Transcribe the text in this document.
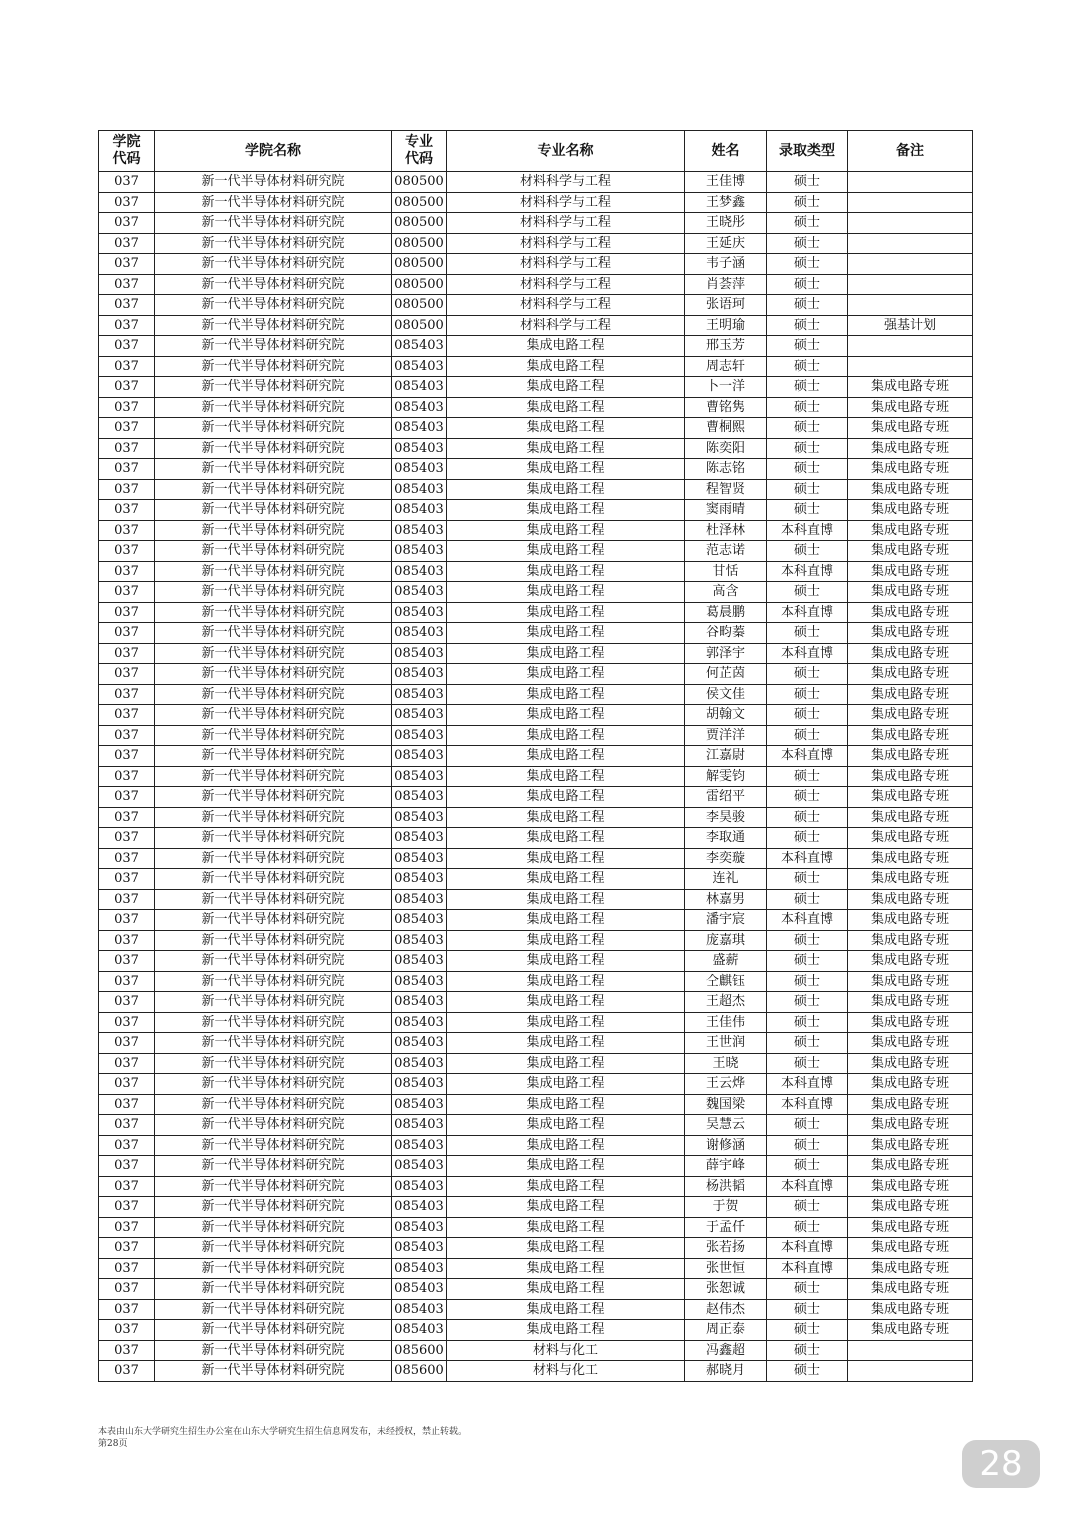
学院代码	学院名称	专业代码	专业名称	姓名	录取类型	备注
037	新一代半导体材料研究院	080500	材料科学与工程	王佳博	硕士	
037	新一代半导体材料研究院	080500	材料科学与工程	王梦鑫	硕士	
037	新一代半导体材料研究院	080500	材料科学与工程	王晓彤	硕士	
037	新一代半导体材料研究院	080500	材料科学与工程	王延庆	硕士	
037	新一代半导体材料研究院	080500	材料科学与工程	韦子涵	硕士	
037	新一代半导体材料研究院	080500	材料科学与工程	肖荟萍	硕士	
037	新一代半导体材料研究院	080500	材料科学与工程	张语珂	硕士	
037	新一代半导体材料研究院	080500	材料科学与工程	王明瑜	硕士	强基计划
037	新一代半导体材料研究院	085403	集成电路工程	邢玉芳	硕士	
037	新一代半导体材料研究院	085403	集成电路工程	周志轩	硕士	
037	新一代半导体材料研究院	085403	集成电路工程	卜一洋	硕士	集成电路专班
037	新一代半导体材料研究院	085403	集成电路工程	曹铭隽	硕士	集成电路专班
037	新一代半导体材料研究院	085403	集成电路工程	曹桐熙	硕士	集成电路专班
037	新一代半导体材料研究院	085403	集成电路工程	陈奕阳	硕士	集成电路专班
037	新一代半导体材料研究院	085403	集成电路工程	陈志铭	硕士	集成电路专班
037	新一代半导体材料研究院	085403	集成电路工程	程智贤	硕士	集成电路专班
037	新一代半导体材料研究院	085403	集成电路工程	窦雨晴	硕士	集成电路专班
037	新一代半导体材料研究院	085403	集成电路工程	杜泽林	本科直博	集成电路专班
037	新一代半导体材料研究院	085403	集成电路工程	范志诺	硕士	集成电路专班
037	新一代半导体材料研究院	085403	集成电路工程	甘恬	本科直博	集成电路专班
037	新一代半导体材料研究院	085403	集成电路工程	高含	硕士	集成电路专班
037	新一代半导体材料研究院	085403	集成电路工程	葛晨鹏	本科直博	集成电路专班
037	新一代半导体材料研究院	085403	集成电路工程	谷畇蓁	硕士	集成电路专班
037	新一代半导体材料研究院	085403	集成电路工程	郭泽宇	本科直博	集成电路专班
037	新一代半导体材料研究院	085403	集成电路工程	何芷茵	硕士	集成电路专班
037	新一代半导体材料研究院	085403	集成电路工程	侯文佳	硕士	集成电路专班
037	新一代半导体材料研究院	085403	集成电路工程	胡翰文	硕士	集成电路专班
037	新一代半导体材料研究院	085403	集成电路工程	贾洋洋	硕士	集成电路专班
037	新一代半导体材料研究院	085403	集成电路工程	江嘉尉	本科直博	集成电路专班
037	新一代半导体材料研究院	085403	集成电路工程	解雯钧	硕士	集成电路专班
037	新一代半导体材料研究院	085403	集成电路工程	雷绍平	硕士	集成电路专班
037	新一代半导体材料研究院	085403	集成电路工程	李昊骏	硕士	集成电路专班
037	新一代半导体材料研究院	085403	集成电路工程	李取通	硕士	集成电路专班
037	新一代半导体材料研究院	085403	集成电路工程	李奕璇	本科直博	集成电路专班
037	新一代半导体材料研究院	085403	集成电路工程	连礼	硕士	集成电路专班
037	新一代半导体材料研究院	085403	集成电路工程	林嘉男	硕士	集成电路专班
037	新一代半导体材料研究院	085403	集成电路工程	潘宇宸	本科直博	集成电路专班
037	新一代半导体材料研究院	085403	集成电路工程	庞嘉琪	硕士	集成电路专班
037	新一代半导体材料研究院	085403	集成电路工程	盛薪	硕士	集成电路专班
037	新一代半导体材料研究院	085403	集成电路工程	仝麒钰	硕士	集成电路专班
037	新一代半导体材料研究院	085403	集成电路工程	王超杰	硕士	集成电路专班
037	新一代半导体材料研究院	085403	集成电路工程	王佳伟	硕士	集成电路专班
037	新一代半导体材料研究院	085403	集成电路工程	王世润	硕士	集成电路专班
037	新一代半导体材料研究院	085403	集成电路工程	王晓	硕士	集成电路专班
037	新一代半导体材料研究院	085403	集成电路工程	王云烨	本科直博	集成电路专班
037	新一代半导体材料研究院	085403	集成电路工程	魏国梁	本科直博	集成电路专班
037	新一代半导体材料研究院	085403	集成电路工程	吴慧云	硕士	集成电路专班
037	新一代半导体材料研究院	085403	集成电路工程	谢修涵	硕士	集成电路专班
037	新一代半导体材料研究院	085403	集成电路工程	薛宇峰	硕士	集成电路专班
037	新一代半导体材料研究院	085403	集成电路工程	杨洪韬	本科直博	集成电路专班
037	新一代半导体材料研究院	085403	集成电路工程	于贺	硕士	集成电路专班
037	新一代半导体材料研究院	085403	集成电路工程	于孟仟	硕士	集成电路专班
037	新一代半导体材料研究院	085403	集成电路工程	张若扬	本科直博	集成电路专班
037	新一代半导体材料研究院	085403	集成电路工程	张世恒	本科直博	集成电路专班
037	新一代半导体材料研究院	085403	集成电路工程	张恕诚	硕士	集成电路专班
037	新一代半导体材料研究院	085403	集成电路工程	赵伟杰	硕士	集成电路专班
037	新一代半导体材料研究院	085403	集成电路工程	周正泰	硕士	集成电路专班
037	新一代半导体材料研究院	085600	材料与化工	冯鑫超	硕士	
037	新一代半导体材料研究院	085600	材料与化工	郝晓月	硕士	
本表由山东大学研究生招生办公室在山东大学研究生招生信息网发布，未经授权，禁止转载。
第28页	28
